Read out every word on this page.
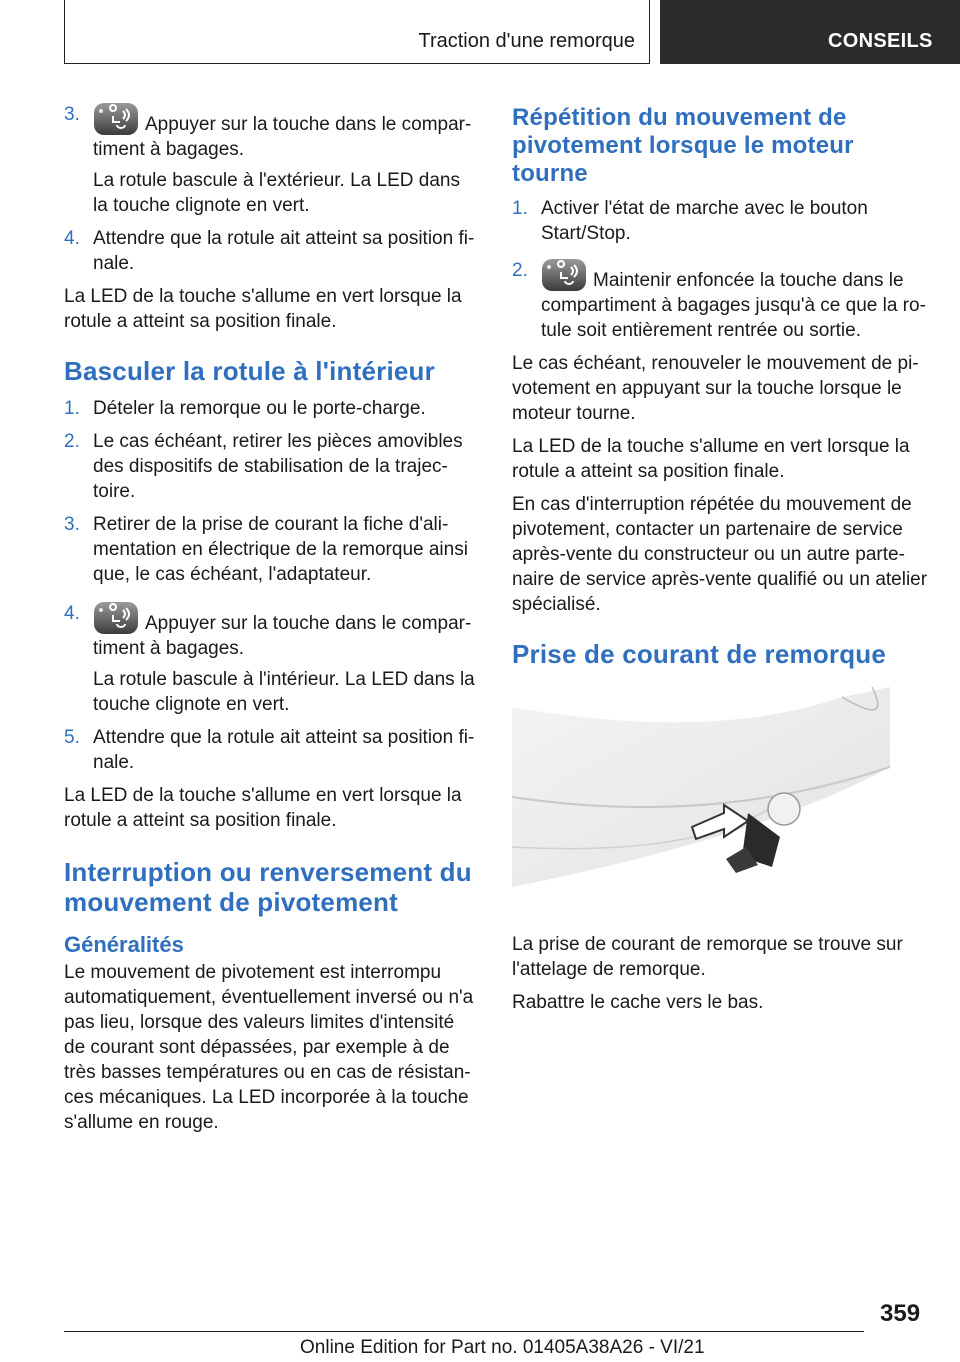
Traction d'une remorque	CONSEILS
3.	Appuyer sur la touche dans le compar-timent à bagages.
La rotule bascule à l'extérieur. La LED dans la touche clignote en vert.
4. Attendre que la rotule ait atteint sa position fi-nale.

La LED de la touche s'allume en vert lorsque la rotule a atteint sa position finale.

Basculer la rotule à l'intérieur
1. Dételer la remorque ou le porte-charge.
2. Le cas échéant, retirer les pièces amovibles des dispositifs de stabilisation de la trajec-toire.
3. Retirer de la prise de courant la fiche d'ali-mentation en électrique de la remorque ainsi que, le cas échéant, l'adaptateur.
4.	Appuyer sur la touche dans le compar-timent à bagages.
La rotule bascule à l'intérieur. La LED dans la touche clignote en vert.
5. Attendre que la rotule ait atteint sa position fi-nale.

La LED de la touche s'allume en vert lorsque la rotule a atteint sa position finale.

Interruption ou renversement du mouvement de pivotement
Généralités

Le mouvement de pivotement est interrompu automatiquement, éventuellement inversé ou n'a pas lieu, lorsque des valeurs limites d'intensité de courant sont dépassées, par exemple à de très basses températures ou en cas de résistan-ces mécaniques. La LED incorporée à la touche s'allume en rouge.

Répétition du mouvement de pivotement lorsque le moteur tourne
1. Activer l'état de marche avec le bouton Start/Stop.
2.	Maintenir enfoncée la touche dans le compartiment à bagages jusqu'à ce que la ro-tule soit entièrement rentrée ou sortie.

Le cas échéant, renouveler le mouvement de pi-votement en appuyant sur la touche lorsque le moteur tourne.

La LED de la touche s'allume en vert lorsque la rotule a atteint sa position finale.

En cas d'interruption répétée du mouvement de pivotement, contacter un partenaire de service après-vente du constructeur ou un autre parte-naire de service après-vente qualifié ou un atelier spécialisé.

Prise de courant de remorque

La prise de courant de remorque se trouve sur l'attelage de remorque.

Rabattre le cache vers le bas.

359
Online Edition for Part no. 01405A38A26 - VI/21
